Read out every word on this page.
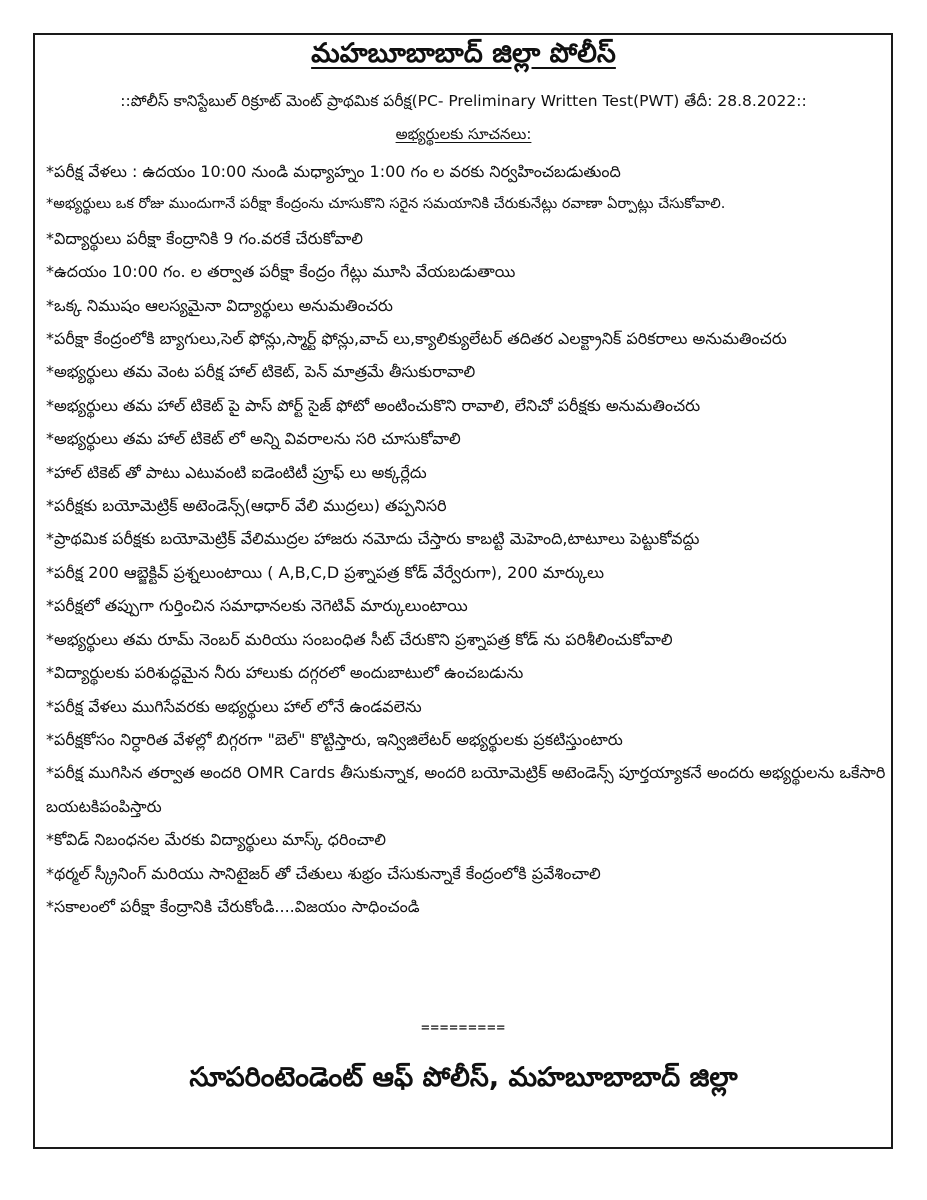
మహబూబాబాద్ జిల్లా పోలీస్
::పోలీస్ కానిస్టేబుల్ రిక్రూట్ మెంట్ ప్రాథమిక పరీక్ష(PC- Preliminary Written Test(PWT) తేదీ: 28.8.2022::
అభ్యర్థులకు సూచనలు:
*పరీక్ష వేళలు : ఉదయం 10:00 నుండి మధ్యాహ్నం 1:00 గం ల వరకు నిర్వహించబడుతుంది
*అభ్యర్థులు ఒక రోజు ముందుగానే పరీక్షా కేంద్రంను చూసుకొని సరైన సమయానికి చేరుకునేట్లు రవాణా ఏర్పాట్లు చేసుకోవాలి.
*విద్యార్థులు పరీక్షా కేంద్రానికి 9 గం.వరకే చేరుకోవాలి
*ఉదయం 10:00 గం. ల తర్వాత పరీక్షా కేంద్రం గేట్లు మూసి వేయబడుతాయి
*ఒక్క నిముషం ఆలస్యమైనా విద్యార్థులు అనుమతించరు
*పరీక్షా కేంద్రంలోకి బ్యాగులు,సెల్ ఫోన్లు,స్మార్ట్ ఫోన్లు,వాచ్ లు,క్యాలిక్యులేటర్ తదితర ఎలక్ట్రానిక్ పరికరాలు అనుమతించరు
*అభ్యర్థులు తమ వెంట పరీక్ష హాల్ టికెట్, పెన్ మాత్రమే తీసుకురావాలి
*అభ్యర్థులు తమ హాల్ టికెట్ పై పాస్ పోర్ట్ సైజ్ ఫోటో అంటించుకొని రావాలి, లేనిచో పరీక్షకు అనుమతించరు
*అభ్యర్థులు తమ హాల్ టికెట్ లో అన్ని వివరాలను సరి చూసుకోవాలి
*హాల్ టికెట్ తో పాటు ఎటువంటి ఐడెంటిటీ ప్రూఫ్ లు అక్కర్లేదు
*పరీక్షకు బయోమెట్రిక్ అటెండెన్స్(ఆధార్ వేలి ముద్రలు) తప్పనిసరి
*ప్రాథమిక పరీక్షకు బయోమెట్రిక్ వేలిముద్రల హాజరు నమోదు చేస్తారు కాబట్టి మెహెంది,టాటూలు పెట్టుకోవద్దు
*పరీక్ష 200 ఆబ్జెక్టివ్ ప్రశ్నలుంటాయి ( A,B,C,D ప్రశ్నాపత్ర కోడ్ వేర్వేరుగా), 200 మార్కులు
*పరీక్షలో తప్పుగా గుర్తించిన సమాధానలకు నెగెటివ్ మార్కులుంటాయి
*అభ్యర్థులు తమ రూమ్ నెంబర్ మరియు సంబంధిత సీట్ చేరుకొని ప్రశ్నాపత్ర కోడ్ ను పరిశీలించుకోవాలి
*విద్యార్థులకు పరిశుద్ధమైన నీరు హాలుకు దగ్గరలో అందుబాటులో ఉంచబడును
*పరీక్ష వేళలు ముగిసేవరకు అభ్యర్థులు హాల్ లోనే ఉండవలెను
*పరీక్షకోసం నిర్ధారిత వేళల్లో బిగ్గరగా "బెల్" కొట్టిస్తారు, ఇన్విజిలేటర్ అభ్యర్థులకు ప్రకటిస్తుంటారు
*పరీక్ష ముగిసిన తర్వాత అందరి OMR Cards తీసుకున్నాక, అందరి బయోమెట్రిక్ అటెండెన్స్ పూర్తయ్యాకనే అందరు అభ్యర్థులను ఒకేసారి బయటకిపంపిస్తారు
*కోవిడ్ నిబంధనల మేరకు విద్యార్థులు మాస్క్ ధరించాలి
*థర్మల్ స్క్రీనింగ్ మరియు సానిటైజర్ తో చేతులు శుభ్రం చేసుకున్నాకే కేంద్రంలోకి ప్రవేశించాలి
*సకాలంలో పరీక్షా కేంద్రానికి చేరుకోండి....విజయం సాధించండి
=========
సూపరింటెండెంట్ ఆఫ్ పోలీస్, మహబూబాబాద్ జిల్లా
